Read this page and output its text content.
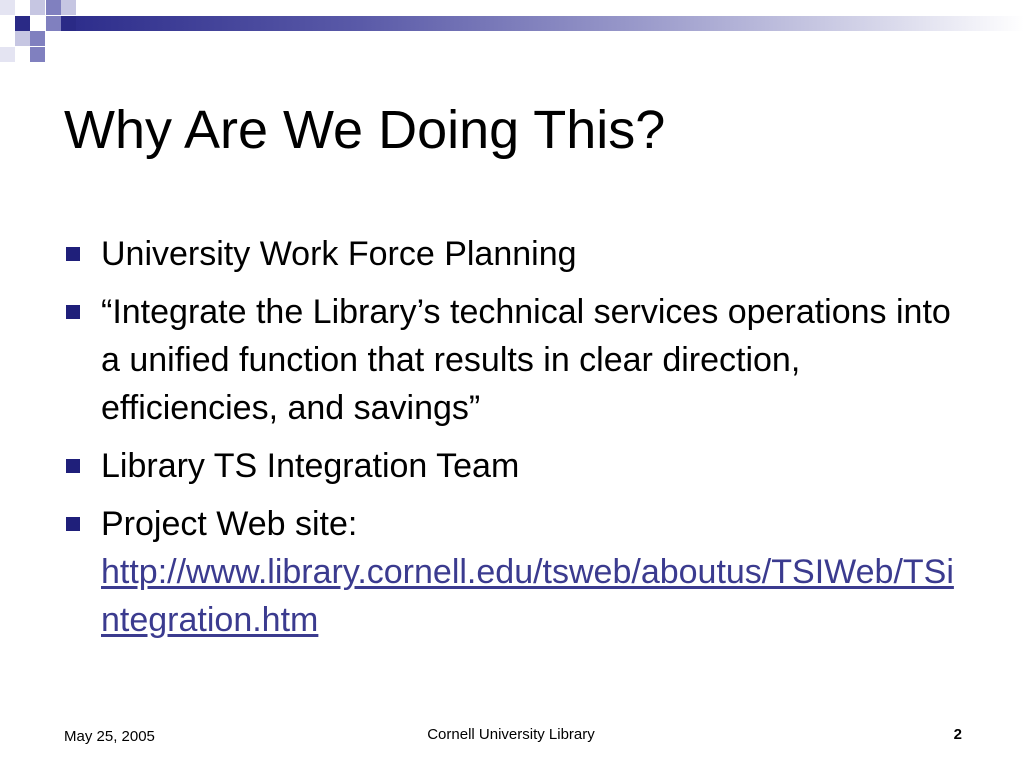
Why Are We Doing This?
University Work Force Planning
“Integrate the Library’s technical services operations into a unified function that results in clear direction, efficiencies, and savings”
Library TS Integration Team
Project Web site:
http://www.library.cornell.edu/tsweb/aboutus/TSIWeb/TSintegration.htm
May 25, 2005	Cornell University Library	2
